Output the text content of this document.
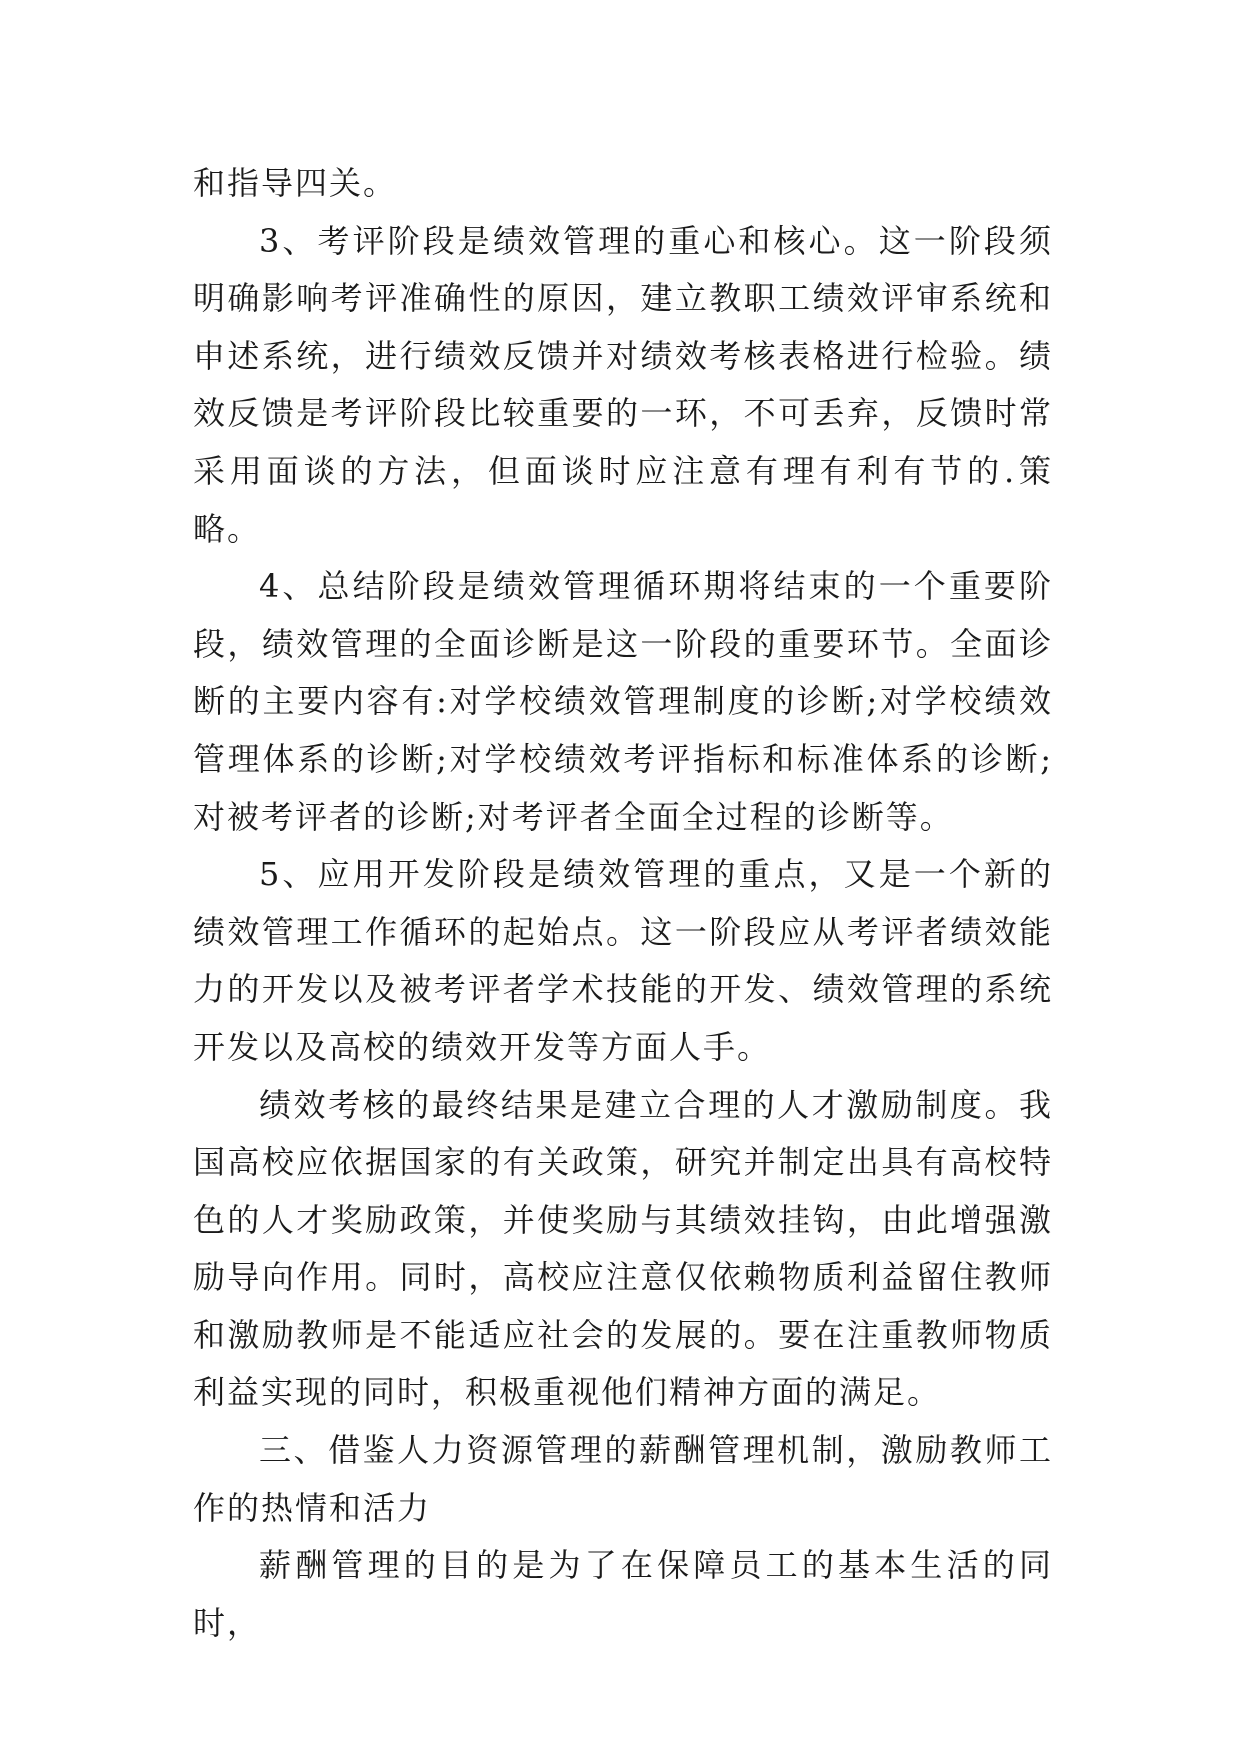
和指导四关。

3、考评阶段是绩效管理的重心和核心。这一阶段须明确影响考评准确性的原因，建立教职工绩效评审系统和申述系统，进行绩效反馈并对绩效考核表格进行检验。绩效反馈是考评阶段比较重要的一环，不可丢弃，反馈时常采用面谈的方法，但面谈时应注意有理有利有节的.策略。

4、总结阶段是绩效管理循环期将结束的一个重要阶段，绩效管理的全面诊断是这一阶段的重要环节。全面诊断的主要内容有:对学校绩效管理制度的诊断;对学校绩效管理体系的诊断;对学校绩效考评指标和标准体系的诊断;对被考评者的诊断;对考评者全面全过程的诊断等。

5、应用开发阶段是绩效管理的重点，又是一个新的绩效管理工作循环的起始点。这一阶段应从考评者绩效能力的开发以及被考评者学术技能的开发、绩效管理的系统开发以及高校的绩效开发等方面人手。

绩效考核的最终结果是建立合理的人才激励制度。我国高校应依据国家的有关政策，研究并制定出具有高校特色的人才奖励政策，并使奖励与其绩效挂钩，由此增强激励导向作用。同时，高校应注意仅依赖物质利益留住教师和激励教师是不能适应社会的发展的。要在注重教师物质利益实现的同时，积极重视他们精神方面的满足。

三、借鉴人力资源管理的薪酬管理机制，激励教师工作的热情和活力

薪酬管理的目的是为了在保障员工的基本生活的同时，
